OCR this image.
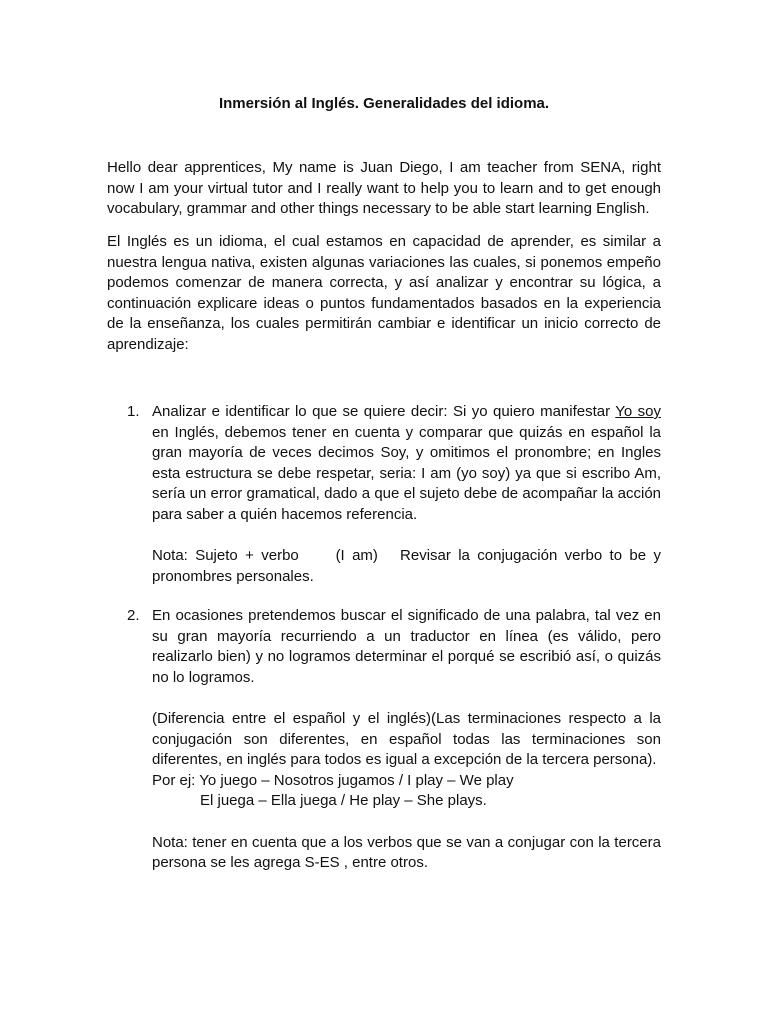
Inmersión al Inglés. Generalidades del idioma.

Hello dear apprentices, My name is Juan Diego, I am teacher from SENA, right now I am your virtual tutor and I really want to help you to learn and to get enough vocabulary, grammar and other things necessary to be able start learning English.

El Inglés es un idioma, el cual estamos en capacidad de aprender, es similar a nuestra lengua nativa, existen algunas variaciones las cuales, si ponemos empeño podemos comenzar de manera correcta, y así analizar y encontrar su lógica, a continuación explicare ideas o puntos fundamentados basados en la experiencia de la enseñanza, los cuales permitirán cambiar e identificar un inicio correcto de aprendizaje:

1. Analizar e identificar lo que se quiere decir: Si yo quiero manifestar Yo soy en Inglés, debemos tener en cuenta y comparar que quizás en español la gran mayoría de veces decimos Soy, y omitimos el pronombre; en Ingles esta estructura se debe respetar, seria: I am (yo soy) ya que si escribo Am, sería un error gramatical, dado a que el sujeto debe de acompañar la acción para saber a quién hacemos referencia.

Nota: Sujeto + verbo (I am) Revisar la conjugación verbo to be y pronombres personales.

2. En ocasiones pretendemos buscar el significado de una palabra, tal vez en su gran mayoría recurriendo a un traductor en línea (es válido, pero realizarlo bien) y no logramos determinar el porqué se escribió así, o quizás no lo logramos.

(Diferencia entre el español y el inglés)(Las terminaciones respecto a la conjugación son diferentes, en español todas las terminaciones son diferentes, en inglés para todos es igual a excepción de la tercera persona).

Por ej: Yo juego – Nosotros jugamos / I play – We play

El juega – Ella juega / He play – She plays.

Nota: tener en cuenta que a los verbos que se van a conjugar con la tercera persona se les agrega S-ES , entre otros.
